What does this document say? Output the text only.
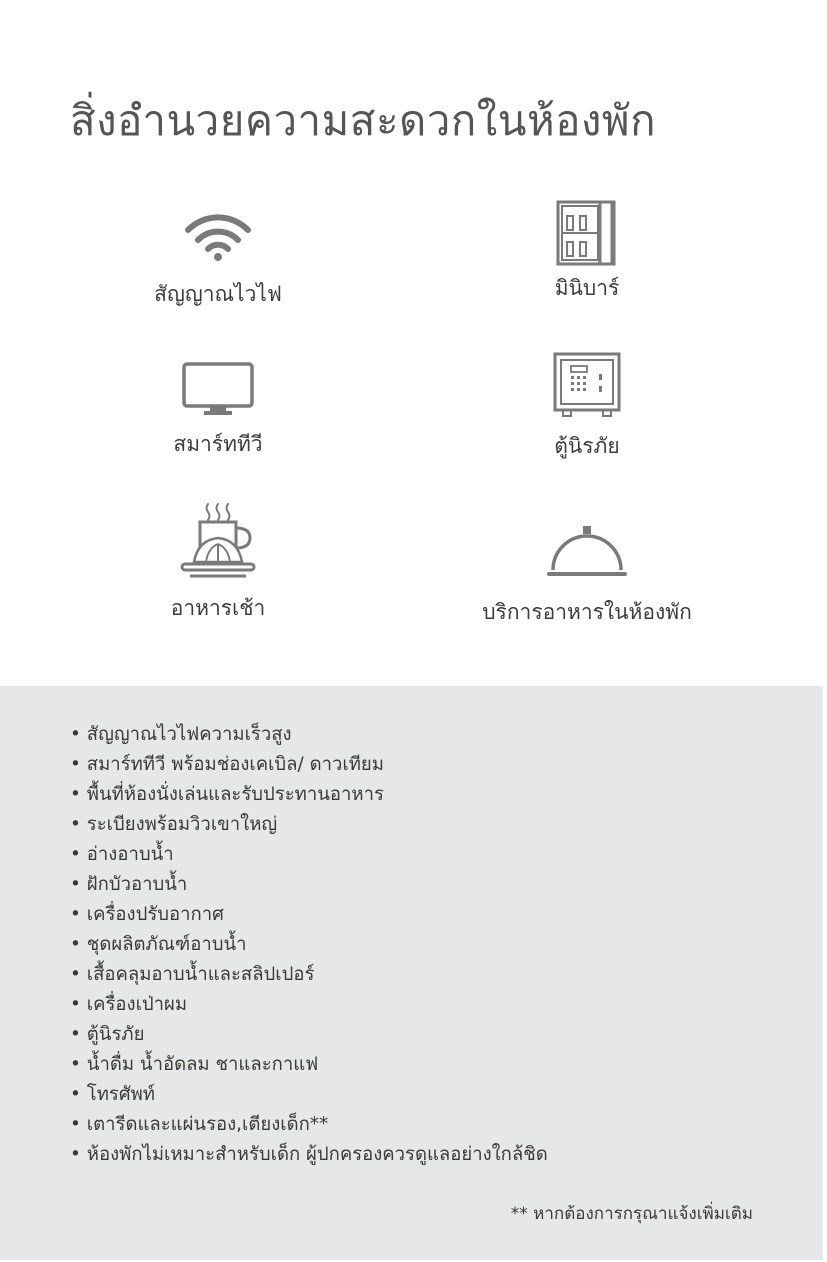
สิ่งอำนวยความสะดวกในห้องพัก
สัญญาณไวไฟ	มินิบาร์
สมาร์ททีวี	ตู้นิรภัย
อาหารเช้า	บริการอาหารในห้องพัก
• สัญญาณไวไฟความเร็วสูง
• สมาร์ททีวี พร้อมช่องเคเบิล/ ดาวเทียม
• พื้นที่ห้องนั่งเล่นและรับประทานอาหาร
• ระเบียงพร้อมวิวเขาใหญ่
• อ่างอาบน้ำ
• ฝักบัวอาบน้ำ
• เครื่องปรับอากาศ
• ชุดผลิตภัณฑ์อาบน้ำ
• เสื้อคลุมอาบน้ำและสลิปเปอร์
• เครื่องเป่าผม
• ตู้นิรภัย
• น้ำดื่ม น้ำอัดลม ชาและกาแฟ
• โทรศัพท์
• เตารีดและแผ่นรอง,เตียงเด็ก**
• ห้องพักไม่เหมาะสำหรับเด็ก ผู้ปกครองควรดูแลอย่างใกล้ชิด
** หากต้องการกรุณาแจ้งเพิ่มเติม
